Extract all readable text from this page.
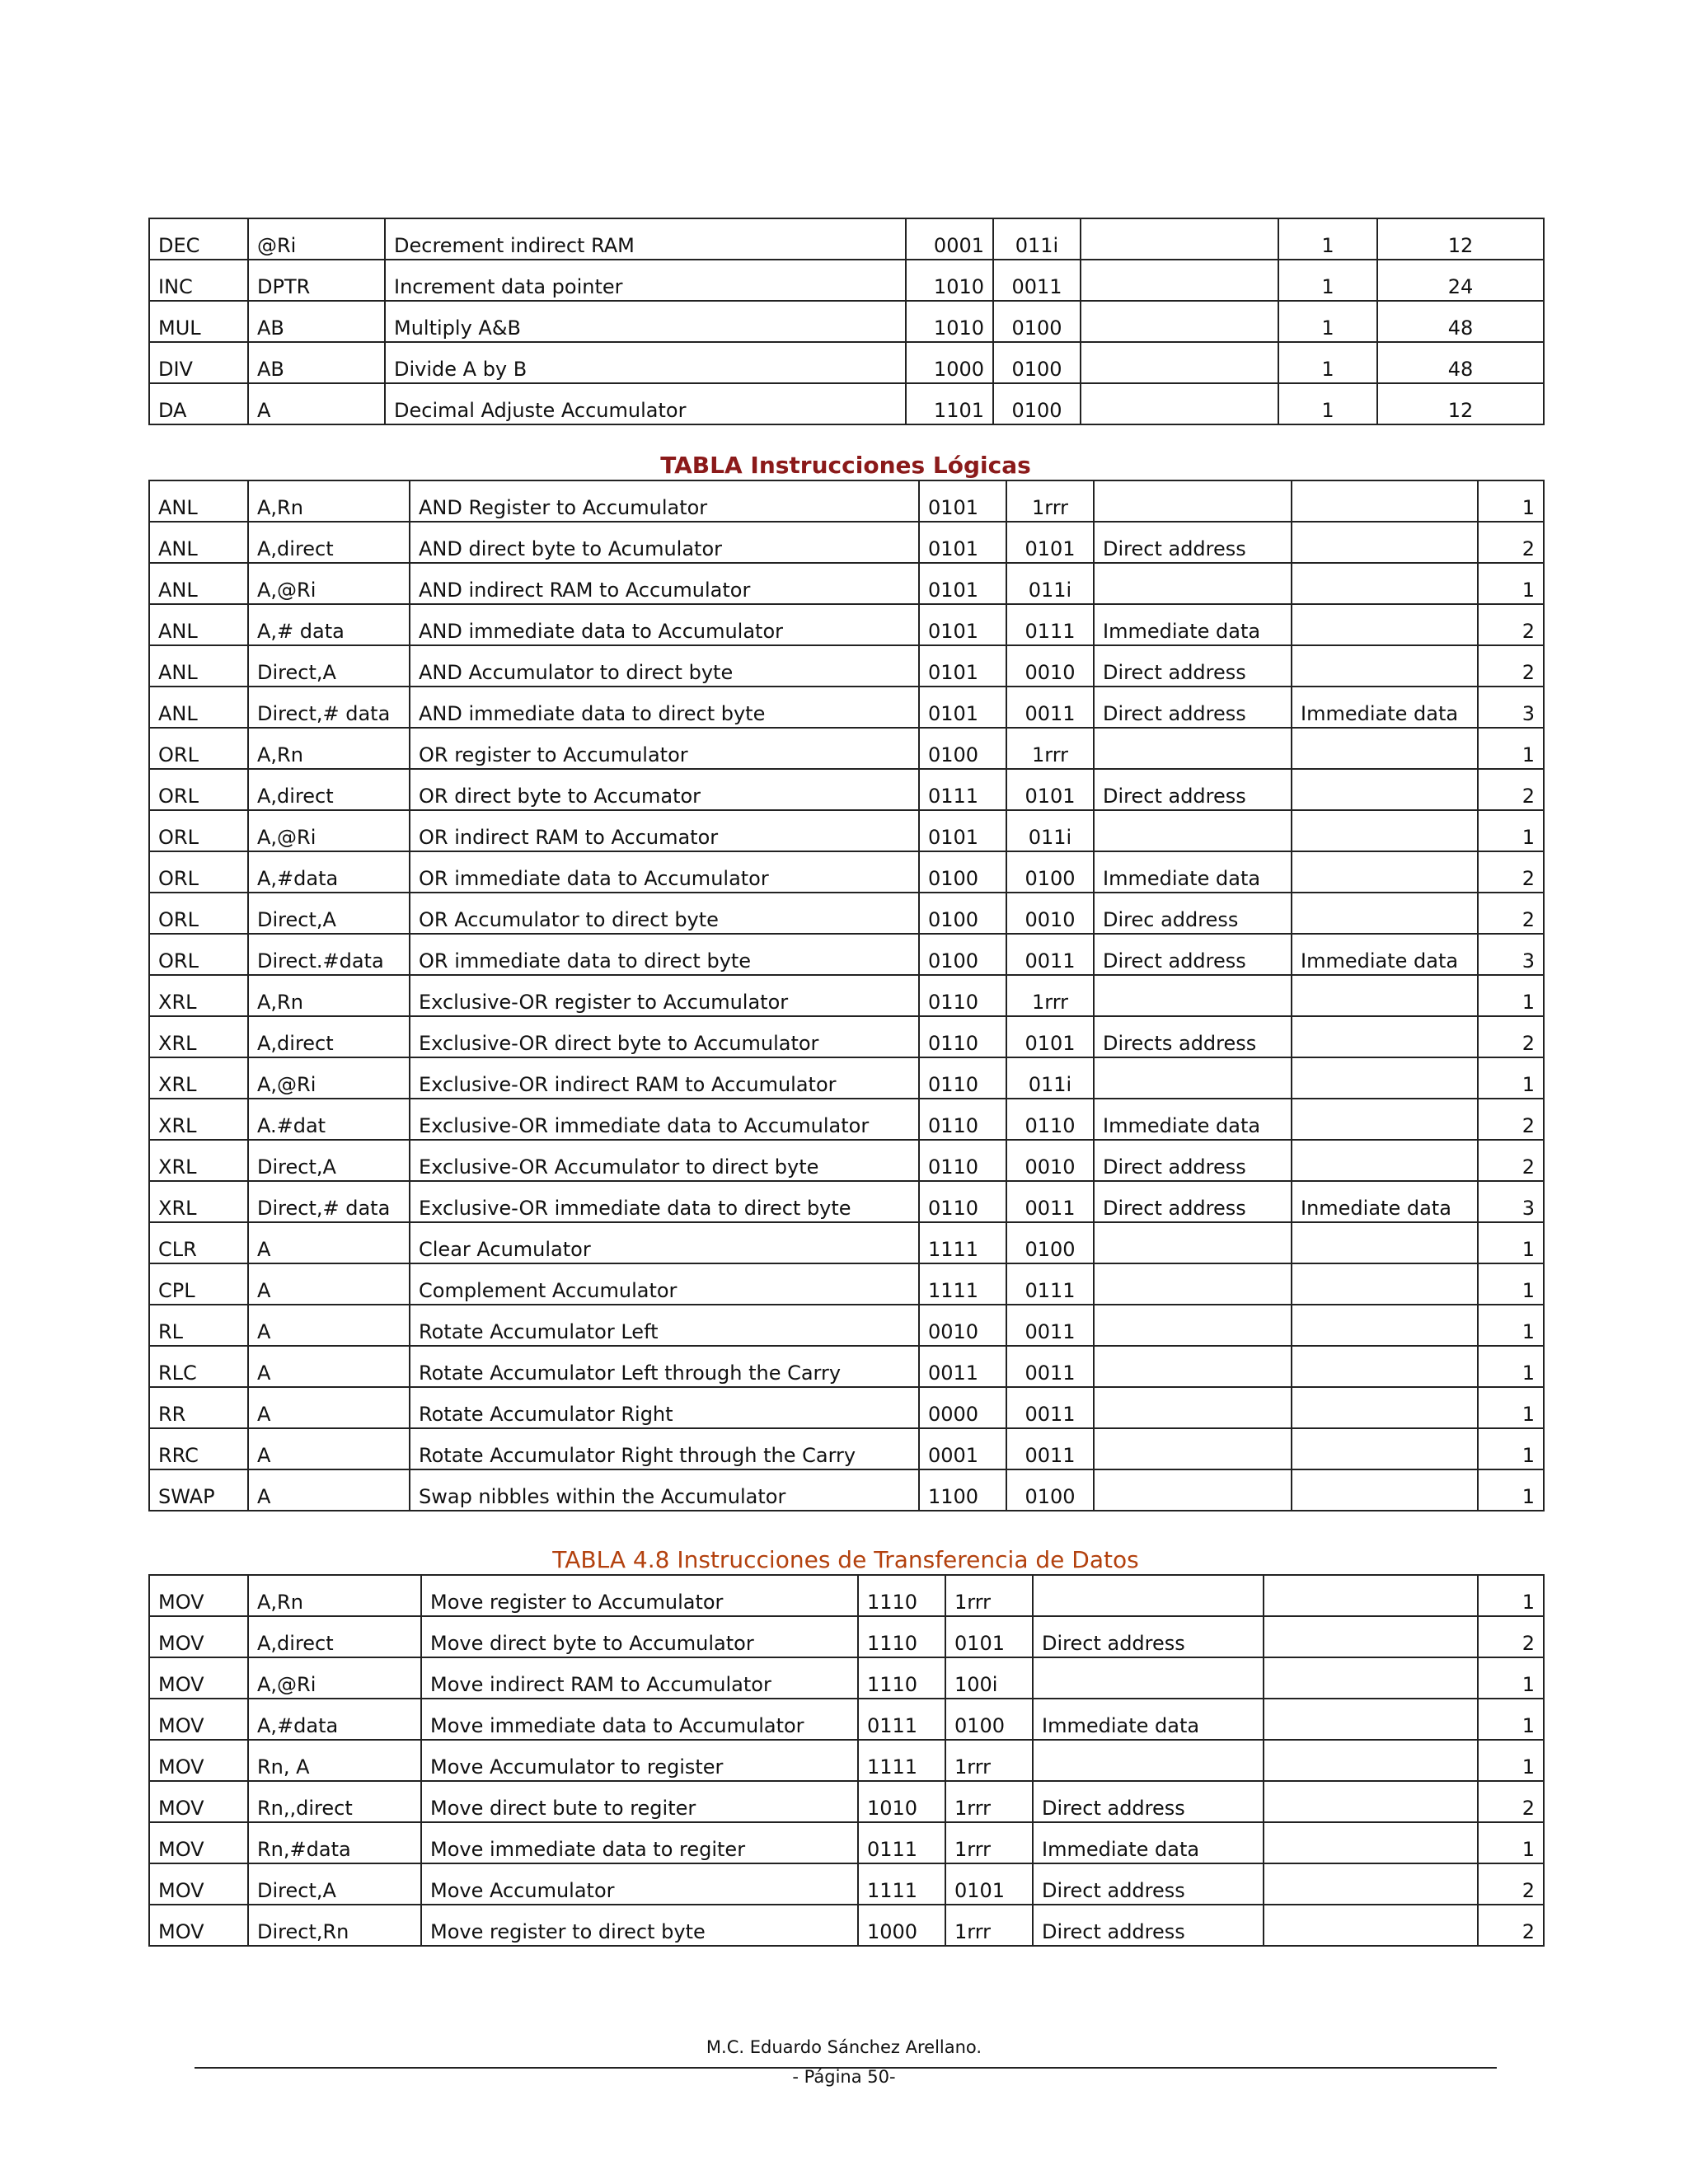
DEC	@Ri	Decrement indirect RAM	0001	011i		1	12
INC	DPTR	Increment data pointer	1010	0011		1	24
MUL	AB	Multiply A&B	1010	0100		1	48
DIV	AB	Divide A by B	1000	0100		1	48
DA	A	Decimal Adjuste Accumulator	1101	0100		1	12
TABLA Instrucciones Lógicas
ANL	A,Rn	AND Register to Accumulator	0101	1rrr			1
ANL	A,direct	AND direct byte to Acumulator	0101	0101	Direct address		2
ANL	A,@Ri	AND indirect RAM to Accumulator	0101	011i			1
ANL	A,# data	AND immediate data to Accumulator	0101	0111	Immediate data		2
ANL	Direct,A	AND Accumulator to direct byte	0101	0010	Direct address		2
ANL	Direct,# data	AND immediate data to direct byte	0101	0011	Direct address	Immediate data	3
ORL	A,Rn	OR register to Accumulator	0100	1rrr			1
ORL	A,direct	OR direct byte to Accumator	0111	0101	Direct address		2
ORL	A,@Ri	OR indirect RAM to Accumator	0101	011i			1
ORL	A,#data	OR immediate data to Accumulator	0100	0100	Immediate data		2
ORL	Direct,A	OR Accumulator to direct byte	0100	0010	Direc address		2
ORL	Direct.#data	OR immediate data to direct byte	0100	0011	Direct address	Immediate data	3
XRL	A,Rn	Exclusive-OR register to Accumulator	0110	1rrr			1
XRL	A,direct	Exclusive-OR direct byte to Accumulator	0110	0101	Directs address		2
XRL	A,@Ri	Exclusive-OR indirect RAM to Accumulator	0110	011i			1
XRL	A.#dat	Exclusive-OR immediate data to Accumulator	0110	0110	Immediate data		2
XRL	Direct,A	Exclusive-OR Accumulator to direct byte	0110	0010	Direct address		2
XRL	Direct,# data	Exclusive-OR immediate data to direct byte	0110	0011	Direct address	Inmediate data	3
CLR	A	Clear Acumulator	1111	0100			1
CPL	A	Complement Accumulator	1111	0111			1
RL	A	Rotate Accumulator Left	0010	0011			1
RLC	A	Rotate Accumulator Left through the Carry	0011	0011			1
RR	A	Rotate Accumulator Right	0000	0011			1
RRC	A	Rotate Accumulator Right through the Carry	0001	0011			1
SWAP	A	Swap nibbles within the Accumulator	1100	0100			1
TABLA 4.8 Instrucciones de Transferencia de Datos
MOV	A,Rn	Move register to Accumulator	1110	1rrr			1
MOV	A,direct	Move direct byte to Accumulator	1110	0101	Direct address		2
MOV	A,@Ri	Move indirect RAM to Accumulator	1110	100i			1
MOV	A,#data	Move immediate data to Accumulator	0111	0100	Immediate data		1
MOV	Rn, A	Move Accumulator to register	1111	1rrr			1
MOV	Rn,,direct	Move direct bute to regiter	1010	1rrr	Direct address		2
MOV	Rn,#data	Move immediate data to regiter	0111	1rrr	Immediate data		1
MOV	Direct,A	Move Accumulator	1111	0101	Direct address		2
MOV	Direct,Rn	Move register to direct byte	1000	1rrr	Direct address		2
M.C. Eduardo Sánchez Arellano.
- Página 50-
